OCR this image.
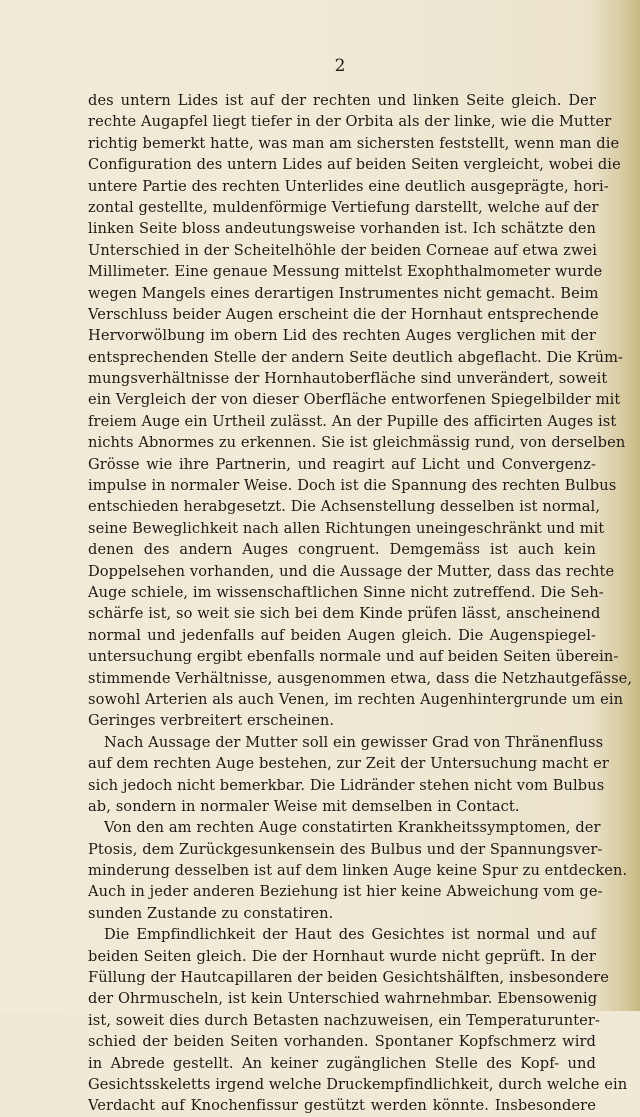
2
des untern Lides ist auf der rechten und linken Seite gleich. Der
rechte Augapfel liegt tiefer in der Orbita als der linke, wie die Mutter
richtig bemerkt hatte, was man am sichersten feststellt, wenn man die
Configuration des untern Lides auf beiden Seiten vergleicht, wobei die
untere Partie des rechten Unterlides eine deutlich ausgeprägte, hori-
zontal gestellte, muldenförmige Vertiefung darstellt, welche auf der
linken Seite bloss andeutungsweise vorhanden ist. Ich schätzte den
Unterschied in der Scheitelhöhle der beiden Corneae auf etwa zwei
Millimeter. Eine genaue Messung mittelst Exophthalmometer wurde
wegen Mangels eines derartigen Instrumentes nicht gemacht. Beim
Verschluss beider Augen erscheint die der Hornhaut entsprechende
Hervorwölbung im obern Lid des rechten Auges verglichen mit der
entsprechenden Stelle der andern Seite deutlich abgeflacht. Die Krüm-
mungsverhältnisse der Hornhautoberfläche sind unverändert, soweit
ein Vergleich der von dieser Oberfläche entworfenen Spiegelbilder mit
freiem Auge ein Urtheil zulässt. An der Pupille des afficirten Auges ist
nichts Abnormes zu erkennen. Sie ist gleichmässig rund, von derselben
Grösse wie ihre Partnerin, und reagirt auf Licht und Convergenz-
impulse in normaler Weise. Doch ist die Spannung des rechten Bulbus
entschieden herabgesetzt. Die Achsenstellung desselben ist normal,
seine Beweglichkeit nach allen Richtungen uneingeschränkt und mit
denen des andern Auges congruent. Demgemäss ist auch kein
Doppelsehen vorhanden, und die Aussage der Mutter, dass das rechte
Auge schiele, im wissenschaftlichen Sinne nicht zutreffend. Die Seh-
schärfe ist, so weit sie sich bei dem Kinde prüfen lässt, anscheinend
normal und jedenfalls auf beiden Augen gleich. Die Augenspiegel-
untersuchung ergibt ebenfalls normale und auf beiden Seiten überein-
stimmende Verhältnisse, ausgenommen etwa, dass die Netzhautgefässe,
sowohl Arterien als auch Venen, im rechten Augenhintergrunde um ein
Geringes verbreitert erscheinen.
Nach Aussage der Mutter soll ein gewisser Grad von Thränenfluss
auf dem rechten Auge bestehen, zur Zeit der Untersuchung macht er
sich jedoch nicht bemerkbar. Die Lidränder stehen nicht vom Bulbus
ab, sondern in normaler Weise mit demselben in Contact.
Von den am rechten Auge constatirten Krankheitssymptomen, der
Ptosis, dem Zurückgesunkensein des Bulbus und der Spannungsver-
minderung desselben ist auf dem linken Auge keine Spur zu entdecken.
Auch in jeder anderen Beziehung ist hier keine Abweichung vom ge-
sunden Zustande zu constatiren.
Die Empfindlichkeit der Haut des Gesichtes ist normal und auf
beiden Seiten gleich. Die der Hornhaut wurde nicht geprüft. In der
Füllung der Hautcapillaren der beiden Gesichtshälften, insbesondere
der Ohrmuscheln, ist kein Unterschied wahrnehmbar. Ebensowenig
ist, soweit dies durch Betasten nachzuweisen, ein Temperaturunter-
schied der beiden Seiten vorhanden. Spontaner Kopfschmerz wird
in Abrede gestellt. An keiner zugänglichen Stelle des Kopf- und
Gesichtsskeletts irgend welche Druckempfindlichkeit, durch welche ein
Verdacht auf Knochenfissur gestützt werden könnte. Insbesondere
